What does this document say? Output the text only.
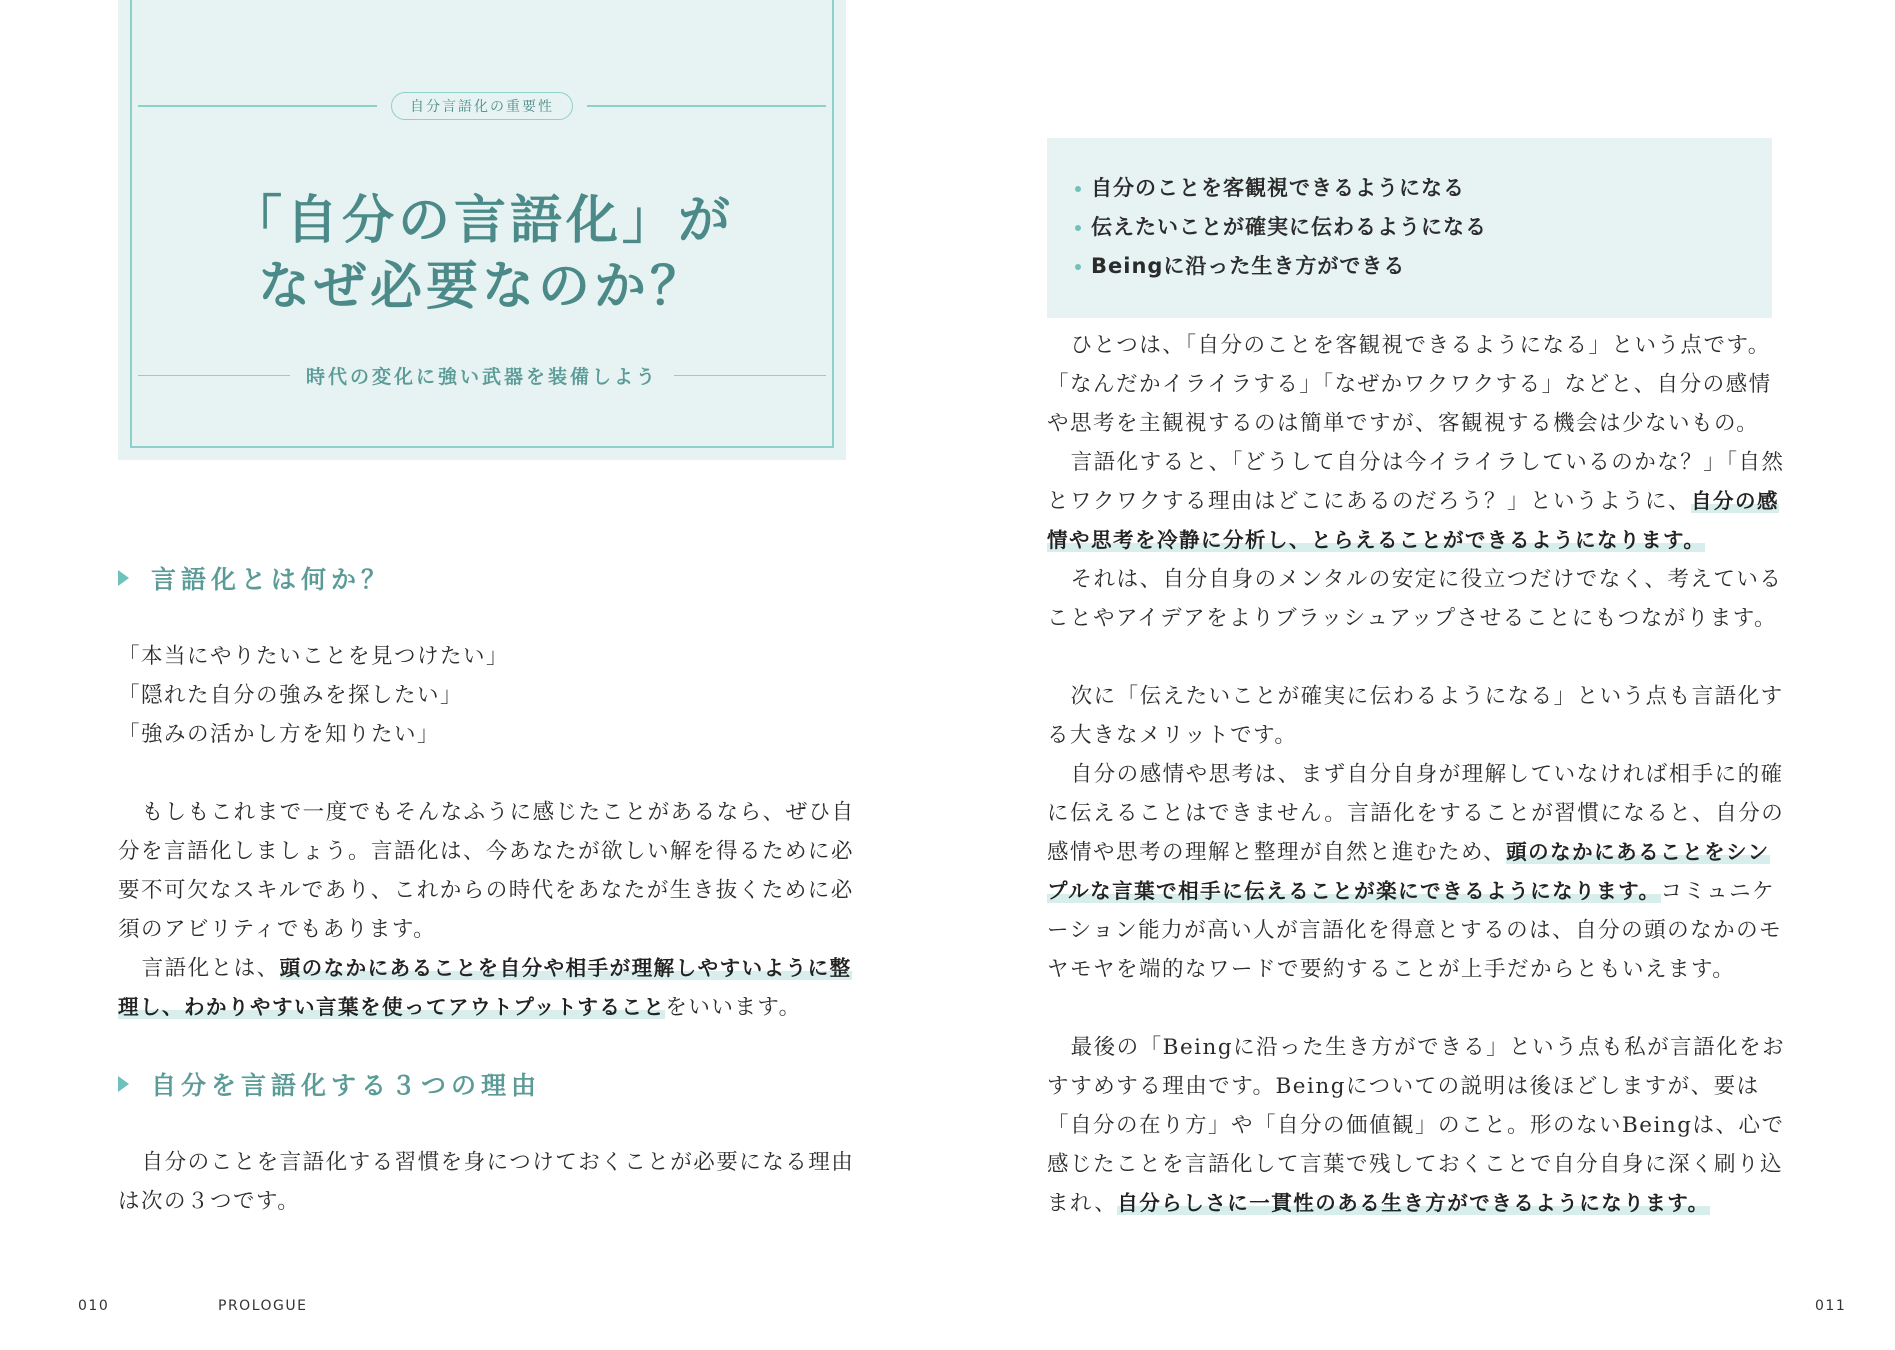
自分言語化の重要性
「自分の言語化」が
なぜ必要なのか？
時代の変化に強い武器を装備しよう
言語化とは何か？

「本当にやりたいことを見つけたい」

「隠れた自分の強みを探したい」

「強みの活かし方を知りたい」

もしもこれまで一度でもそんなふうに感じたことがあるなら、ぜひ自分を言語化しましょう。言語化は、今あなたが欲しい解を得るために必要不可欠なスキルであり、これからの時代をあなたが生き抜くために必須のアビリティでもあります。

言語化とは、頭のなかにあることを自分や相手が理解しやすいように整理し、わかりやすい言葉を使ってアウトプットすることをいいます。

自分を言語化する３つの理由

自分のことを言語化する習慣を身につけておくことが必要になる理由は次の３つです。

010	PROLOGUE
自分のことを客観視できるようになる
伝えたいことが確実に伝わるようになる
Beingに沿った生き方ができる

ひとつは、「自分のことを客観視できるようになる」という点です。「なんだかイライラする」「なぜかワクワクする」などと、自分の感情や思考を主観視するのは簡単ですが、客観視する機会は少ないもの。

言語化すると、「どうして自分は今イライラしているのかな？」「自然とワクワクする理由はどこにあるのだろう？」というように、自分の感情や思考を冷静に分析し、とらえることができるようになります。

それは、自分自身のメンタルの安定に役立つだけでなく、考えていることやアイデアをよりブラッシュアップさせることにもつながります。

次に「伝えたいことが確実に伝わるようになる」という点も言語化する大きなメリットです。

自分の感情や思考は、まず自分自身が理解していなければ相手に的確に伝えることはできません。言語化をすることが習慣になると、自分の感情や思考の理解と整理が自然と進むため、頭のなかにあることをシンプルな言葉で相手に伝えることが楽にできるようになります。コミュニケーション能力が高い人が言語化を得意とするのは、自分の頭のなかのモヤモヤを端的なワードで要約することが上手だからともいえます。

最後の「Beingに沿った生き方ができる」という点も私が言語化をおすすめする理由です。Beingについての説明は後ほどしますが、要は「自分の在り方」や「自分の価値観」のこと。形のないBeingは、心で感じたことを言語化して言葉で残しておくことで自分自身に深く刷り込まれ、自分らしさに一貫性のある生き方ができるようになります。

011
